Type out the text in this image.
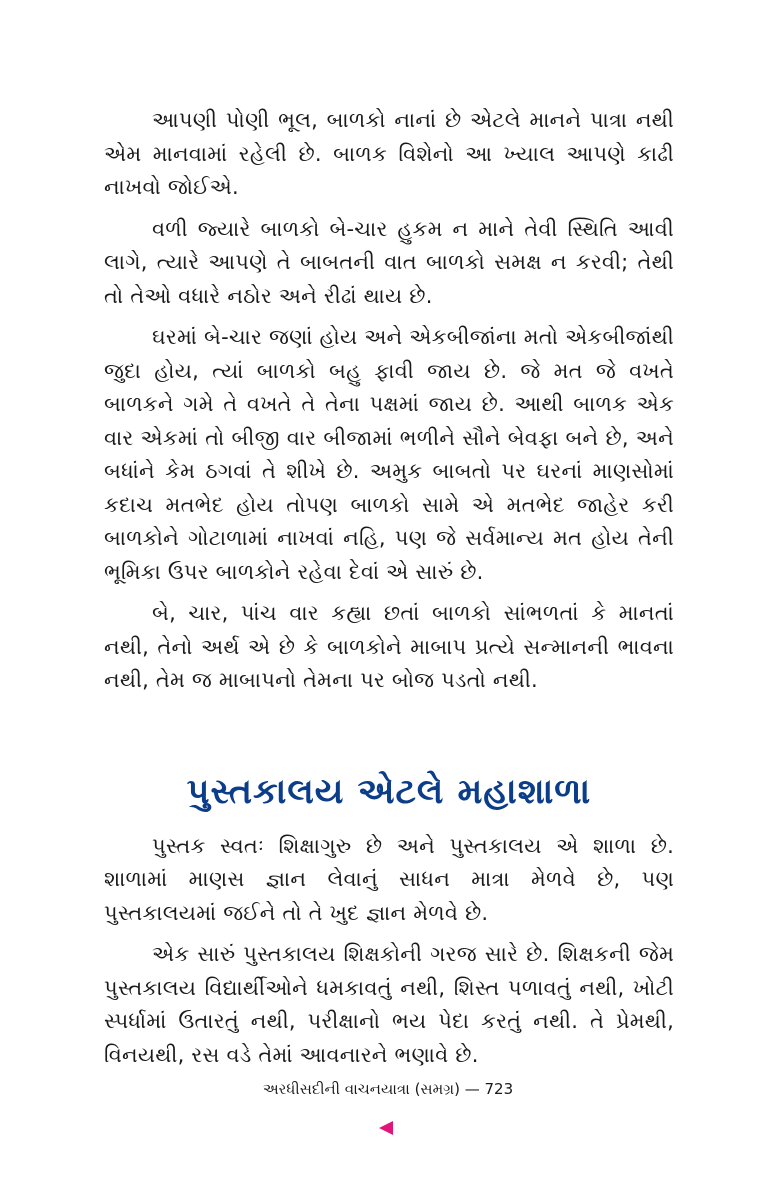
આપણી પોણી ભૂલ, બાળકો નાનાં છે એટલે માનને પાત્રા નથી એમ માનવામાં રહેલી છે. બાળક વિશેનો આ ખ્યાલ આપણે કાઢી નાખવો જોઈએ.

વળી જ્યારે બાળકો બે-ચાર હુકમ ન માને તેવી સ્થિતિ આવી લાગે, ત્યારે આપણે તે બાબતની વાત બાળકો સમક્ષ ન કરવી; તેથી તો તેઓ વધારે નઠોર અને રીઢાં થાય છે.

ઘરમાં બે-ચાર જણાં હોય અને એકબીજાંના મતો એકબીજાંથી જુદા હોય, ત્યાં બાળકો બહુ ફાવી જાય છે. જે મત જે વખતે બાળકને ગમે તે વખતે તે તેના પક્ષમાં જાય છે. આથી બાળક એક વાર એકમાં તો બીજી વાર બીજામાં ભળીને સૌને બેવફા બને છે, અને બધાંને કેમ ઠગવાં તે શીખે છે. અમુક બાબતો પર ઘરનાં માણસોમાં કદાચ મતભેદ હોય તોપણ બાળકો સામે એ મતભેદ જાહેર કરી બાળકોને ગોટાળામાં નાખવાં નહિ, પણ જે સર્વમાન્ય મત હોય તેની ભૂમિકા ઉપર બાળકોને રહેવા દેવાં એ સારું છે.

બે, ચાર, પાંચ વાર કહ્યા છતાં બાળકો સાંભળતાં કે માનતાં નથી, તેનો અર્થ એ છે કે બાળકોને માબાપ પ્રત્યે સન્માનની ભાવના નથી, તેમ જ માબાપનો તેમના પર બોજ પડતો નથી.

પુસ્તકાલય એટલે મહાશાળા

પુસ્તક સ્વતઃ શિક્ષાગુરુ છે અને પુસ્તકાલય એ શાળા છે. શાળામાં માણસ જ્ઞાન લેવાનું સાધન માત્રા મેળવે છે, પણ પુસ્તકાલયમાં જઈને તો તે ખુદ જ્ઞાન મેળવે છે.

એક સારું પુસ્તકાલય શિક્ષકોની ગરજ સારે છે. શિક્ષકની જેમ પુસ્તકાલય વિદ્યાર્થીઓને ધમકાવતું નથી, શિસ્ત પળાવતું નથી, ખોટી સ્પર્ધામાં ઉતારતું નથી, પરીક્ષાનો ભય પેદા કરતું નથી. તે પ્રેમથી, વિનયથી, રસ વડે તેમાં આવનારને ભણાવે છે.

અરધીસદીની વાચનયાત્રા (સમગ્ર) — 723
